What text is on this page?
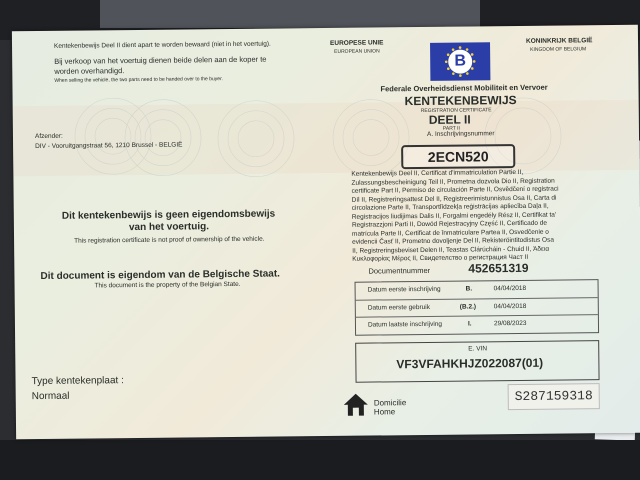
Kentekenbewijs Deel II dient apart te worden bewaard (niet in het voertuig).
Bij verkoop van het voertuig dienen beide delen aan de koper te
worden overhandigd.
When selling the vehicle, the two parts need to be handed over to the buyer.
EUROPESE UNIE
EUROPEAN UNION
B
KONINKRIJK BELGIË
KINGDOM OF BELGIUM
Federale Overheidsdienst Mobiliteit en Vervoer
KENTEKENBEWIJS
REGISTRATION CERTIFICATE
DEEL II
PART II
A. Inschrijvingsnummer
2ECN520
Afzender:
DIV - Vooruitgangstraat 56, 1210 Brussel - BELGIË
Kentekenbewijs Deel II, Certificat d'immatriculation Partie II,
Zulassungsbescheinigung Teil II, Prometna dozvola Dio II, Registration
certificate Part II, Permiso de circulación Parte II, Osvědčení o registraci
Díl II, Registreringsattest Del II, Registreerimistunnistus Osa II, Carta di
circolazione Parte II, Transportlīdzekļa reģistrācijas apliecība Daļa II,
Registracijos liudijimas Dalis II, Forgalmi engedély Rész II, Certifikat ta'
Registrazzjoni Parti II, Dowód Rejestracyjny Część II, Certificado de
matrícula Parte II, Certificat de înmatriculare Partea II, Osvedčenie o
evidencii Časť II, Prometno dovoljenje Del II, Rekisteröintitodistus Osa
II, Registreringsbeviset Delen II, Teastas Clárúcháin - Chuid II, Άδεια
Κυκλοφορίας Μέρος II, Свидетелство о регистрация Част II
Dit kentekenbewijs is geen eigendomsbewijs
van het voertuig.
This registration certificate is not proof of ownership of the vehicle.
Dit document is eigendom van de Belgische Staat.
This document is the property of the Belgian State.
Documentnummer	452651319
Datum eerste inschrijving	B.	04/04/2018
Datum eerste gebruik	(B.2.)	04/04/2018
Datum laatste inschrijving	I.	29/08/2023
E. VIN
VF3VFAHKHJZ022087(01)
Type kentekenplaat :
Normaal
Domicilie
Home
S287159318
